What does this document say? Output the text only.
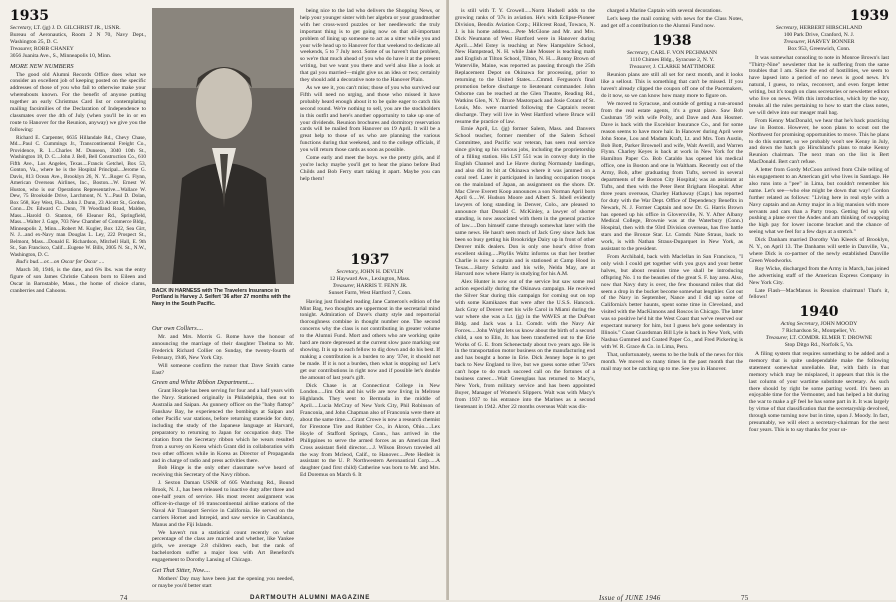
1935

Secretary, LT. (jg) J. D. GILCHRIST JR., USNR.

Bureau of Aeronautics, Room 2 N 70, Navy Dept., Washington 25, D. C.

Treasurer, ROBB CHANEY

3056 Juanita Ave., S., Minneapolis 10, Minn.

MORE NEW NUMBERS

The good old Alumni Records Office does what we consider an excellent job of keeping posted on the specific addresses of those of you who fail to otherwise make your whereabouts known. For the benefit of anyone putting together an early Christmas Card list or contemplating mailing facsimilies of the Declaration of Independence to classmates over the 4th of July (when you'll be in or en route to Hanover for the Reunion, anyway) we give you the following:

Richard E. Carpenter, 6635 Hillandale Rd., Chevy Chase, Md....Paul C. Cummings Jr., Transcontinental Freight Co., Providence, R. I....Charles M. Dunseon, 3040 10th St., Washington 18, D. C....John J. Bell, Bell Construction Co., 610 Fifth Ave., Los Angeles, Texas....Francis Getchel, Box 53, Gonton, Va., where he is the Hospital Principal....Jerome G. Davis, 813 Ocean Ave., Brooklyn 26, N. Y....Roger G. Flynn, American Overseas Airlines, Inc., Boston....W. Ernest W. Huston, who is our Operations Representative....Wallace W. Dew, 75 Brookside Drive, Larchmont, N. Y....Paul D. Dolan, Box 568, Key West, Fla....John J. Dunn, 23 Alcott St., Gordon, Conn....Dr. Edward C. Dunn, 78 Woodland Road, Malden, Mass....Harold O. Stanton, 66 Eleanor Rd., Springfield, Mass....Walter J. Gage, 703 New Chamber of Commerce Bldg., Minneapolis 2, Minn....Robert M. Kugler, Box 122, Sea Girt, N. J....and ex-Navy man Douglas L. Ley, 222 Prospect St., Belmont, Mass....Donald E. Richardson, Mitchell Hall, E. 9th St., San Francisco, Calif....Eugene W. Bills, 2005 N. St., N.W., Washington, D. C.

Bud's bud....or....on Oscar for Oscar ....

March 30, 1946, is the date, and 6¾ lbs. was the entry figure of son James Christie Cahoon born to Eileen and Oscar in Barnstable, Mass., the home of choice clams, cranberries and Cahoons.	BACK IN HARNESS with The Travelers Insurance in Portland is Harvey J. Seifert '36 after 27 months with the Navy in the South Pacific.
Our own Colliers....

Mr. and Mrs. Morris G. Rome have the honour of announcing the marriage of their daughter Thelma to Mr. Frederick Richard Collier on Sunday, the twenty-fourth of February, 1946, New York City.

Will someone confirm the rumor that Dave Smith came East?

Green and White Ribbon Department....

Grant Hoople has been serving for four and a half years with the Navy. Stationed originally in Philadelphia, then out to Australia and Saipan. As gunnery officer on the "baby flattop" Fanshaw Bay, he experienced the bombings at Saipan and other Pacific war stations, before returning stateside for duty, including the study of the Japanese language at Harvard, preparatory to returning to Japan for occupation duty. The citation from the Secretary ribbon which he wears resulted from a survey on Korea which Grant did in collaboration with two other officers while in Korea as Director of Propaganda and in charge of radio and press activities there.

Bob Hinge is the only other classmate we've heard of receiving this Secretary of the Navy ribbon.

J. Sexton Daman USNR of 605 Watchung Rd., Bound Brook, N. J., has been released to inactive duty after three and one-half years of service. His most recent assignment was officer-in-charge of 16 transcontinental airline stations of the Naval Air Transport Service in California. He served on the carriers Hornet and Intrepid, and saw service in Casablanca, Manus and the Fiji Islands.

We haven't run a statistical count recently on what percentage of the class are married and whether, like Yankee girls, we average 2.8 children each, but the rank of bachelordom suffer a major loss with Art Beneford's engagement to Dorothy Lansing of Chicago.

Get That Sitter, Now....

Mothers' Day may have been just the opening you needed, or maybe you'd better start

being nice to the lad who delivers the Shopping News, or help your younger sister with her algebra or your grandmother with her cross-word puzzles or her needlework: the truly important thing is to get going now on that all-important problem of lining up someone to act as a sitter while you and your wife head up to Hanover for that weekend to dedicate all weekends, 5 to 7 July next. Some of us haven't that problem, so we're that much ahead of you who do have it at the present writing, but we want you there and we'd also like a look at that gal you married—might give us an idea or two; certainly they should add a decorative note to the Hanover Plain.

As we see it, you can't miss; those of you who survived our Fifth will need no urging, and those who missed it have probably heard enough about it to be quite eager to catch this second round. We're nothing to sell, you are the stockholders in this outfit and here's another opportunity to take up one of your dividends. Reunion brochures and dormitory reservation cards will be mailed from Hanover on 19 April. It will be a great help to those of us who are planning the various functions during that weekend, and to the college officials, if you will return those cards as soon as possible.

Come early and meet the boys. we the pretty girls, and if you're lucky maybe you'll get to hear the piano before Bud Childs and Bob Ferry start taking it apart. Maybe you can help them!

1937

Secretary, JOHN H. DEVLIN

12 Hayward Ave., Lexington, Mass.

Treasurer, HARRIS T. FENN JR.

Sunset Farm, West Hartford 7, Conn.

Having just finished reading Jane Cameron's edition of the Mint Bag, two thoughts are uppermost in the secretarial mind tonight. Admiration of Dave's chatty style and reportorial thoroughness combine in thought number one. The second concerns why the class is not contributing in greater volume to the Alumni Fund. Mort and others who are working quite hard are more depressed at the current slow pace marking our showing. It is up to each fellow to dig down and do his best. If making a contribution is a burden to any '37er, it should not be made. If it is not a burden, then what is stopping us! Let's get our contributions in right now and if possible let's double the amount of last year's gift.

Dick Chase is at Connecticut College in New London.....Jim Otis and his wife are now living in Melrose Highlands. They went to Bermuda in the middle of April.....Lucia McCray of New York City, Phil Robinson of Franconia, and John Chapman also of Franconia were there at about the same time.....Grant Crowe is now a research chemist for Firestone Tire and Rubber Co., in Akron, Ohio.....Lex Hoyle of Stafford Springs, Conn., has arrived in the Philippines to serve the armed forces as an American Red Cross assistant field director.....J. Wilson Brown traveled all the way from Mcleod, Calif., to Hanover.....Pete Hedleit is assistant to the U. P. Northwestern Aeronautical Corp.....A daughter (and first child) Catherine was born to Mr. and Mrs. Ed Doremus on March 6. It

74	DARTMOUTH ALUMNI MAGAZINE

is still with T. Y. Crowell.....Norm Hudsell adds to the growing ranks of '37s in aviation. He's with Eclipse-Pioneer Division, Bendix Aviation Corp.; Hillcrest Road, Towaco, N. J. is his home address.....Pete McGlone and Mr. and Mrs. Dick Neumann of West Hartford were in Hanover during April.....Mel Estey is teaching at New Hampshire School, New Hampstead, N. H. while Jake Mosser is teaching math and English at Tilton School, Tilton, N. H.....Ronny Brown of Waterville, Maine, was reported as passing through the 25th Replacement Depot on Okinawa for processing, prior to returning to the United States.....Cmmd. Ferguson's final promotion before discharge to lieutenant commander. John Osborne can be reached at the Glen Theatre, Reading Rd., Watkins Glen, N. Y. Bruce Mastorpack and Josie Cotant of St. Louis, Mo. were married following the Captain's recent discharge. They will live in West Hartford where Bruce will resume the practice of law.

Ernie April, Lt. (jg) former Salem, Mass. and Danvers School teacher, former member of the Salem School Committee, and Pacific war veteran, has seen real service since giving up his various jobs, including the proprietorship of a filling station. His LST 551 was in convoy duty in the English Channel and Le Havre during Normandy landings, and also did its bit at Okinawa where it was jammed on a coral reef. Later it participated in landing occupation troops on the mainland of Japan, an assignment on the shore. Dr. Mac Cleve Everett Koop announces a son Norman April born April 6.....W. Hudson Moore and Albert S. Isbell evidently lawyers of long standing in Denver, Colo., are pleased to announce that Donald C. McKinley, a lawyer of shorter standing, is now associated with them in the general practice of law.....Don himself came through somewhat later with the same news. He hasn't seen much of Jack Grey since Jack has been so busy getting his Brookridge Dairy up in front of other Denver milk dealers. Don is only one hour's drive from excellent skiing.....Phyllis Waltz informs us that her brother Charlie is now a captain and is stationed at Camp Hood in Texas.....Harry Schultz and his wife, Nelda May, are at Harvard now where Harry is studying for his A.M.

Alex Hunter is now out of the service but saw some real action especially during the Okinawa campaign. He received the Silver Star during this campaign for coming out on top with some Kamikazes that were after the U.S.S. Hancock. Jack Gray of Denver met his wife Carol in Miami during the war where she was a Lt. (jg) in the WAVES at the DuPont Bldg. and Jack was a Lt. Comdr. with the Navy Air Forces.....John Wright lets us know about the birth of a second child, a son to Elin, Jr. has been transferred out to the Erie Works of G. E. from Schenectady about two years ago. He is in the transportation motor business on the manufacturing end and has bought a home in Erie. Dick Jenney hope is to get back to New England to live, but we guess some other '37ers can't hope to do much succeed call on the fortunes of a business career.....Walt Greenglass has returned to Macy's, New York, from military service and has been appointed Buyer, Manager of Women's Slippers. Walt was with Macy's from 1937 to his entrance into the Marines as a second lieutenant in 1942. After 22 months overseas Walt was dis-

charged a Marine Captain with several decorations.

Let's keep the mail coming with news for the Class Notes, and get off a contribution to the Alumni Fund now.

1938

Secretary, CARL F. VON PECHMANN

1110 Chimes Bldg., Syracuse 2, N. Y.

Treasurer, J. CLARKE MATTIMORE

Reunion plans are still all set for next month, and it looks like a sellout. This is something that can't be missed. If you haven't already clipped the coupon off one of the Pacemakers, do it now, so we can know how many more to figure on.

We moved to Syracuse, and outside of getting a run-around from the real estate agents, it's a great place. Saw Bob Cushman '39 with wife Polly, and Dave and Ann Hosmer. Dave is back with the Excelsior Insurance Co., and for some reason seems to have more hair. In Hanover during April were John Stone, Lou and Madam Kraft, Lt. and Mrs. Tom Austin, Bob Bott, Parker Brownell and wife, Walt Averill, and Warren Flynn. Charley Keyes is back at work in New York for the Hamilton Paper Co. Bob Cataldo has opened his medical office, one in Boston and one in Waltham. Recently out of the Army, Bob, after graduating from Tufts, served in several departments of the Boston City Hospital; was an assistant at Tufts, and then with the Peter Bent Brigham Hospital. After three years overseas, Charley Hathaway (Capt.) has reported for duty with the War Dept. Office of Dependency Benefits in Newark, N. J. Former Captain and now Dr. G. Harris Brown has opened up his office in Gloversville, N. Y. After Albany Medical College, Brownie was at the Waterbury (Conn.) Hospital, then with the 93rd Division overseas, has five battle stars and the Bronze Star. Lt. Comdr. Nate Straus, back to work, is with Nathan Straus-Duparquet in New York, as assistant to the president.

From Archibald, back with Maclellan in San Francisco, "I only wish I could get together with you guys and your better halves, but about reunion time we shall be introducing offspring No. 1 to the beauties of the great S. F. bay area. Also, now that Navy duty is over, the few thousand miles that did seem a drop in the bucket become somewhat lengthier. Got out of the Navy in September, Nance and I did up some of California's better haunts, spent some time in Cleveland, and visited with the MacKinnons and Roscos in Chicago. The latter was so positive he'd hit the West Coast that we've reserved our expectant nursery for him, but I guess he's gone sedentary in Illinois." Coast Guardsman Bill Lyle is back in New York, with Nashua Gummed and Coated Paper Co., and Fred Pickering is with W. R. Grace & Co. in Lima, Peru.

That, unfortunately, seems to be the bulk of the news for this month. We moved so many times in the past month that the mail may not be catching up to me. See you in Hanover.

1939

Secretary, HERBERT HIRSCHLAND

100 Park Drive, Cranford, N. J.

Treasurer, HARVEY BONNER

Box 953, Greenwich, Conn.

It was somewhat consoling to note in Monroe Brown's last "Thirty-Nine" newsletter that he is suffering from the same troubles that I am. Since the end of hostilities, we seem to have lapsed into a period of no news is good news. It's natural, I guess, to relax, reconvert, and even forget letter writing, but it's tough on class secretaries or newsletter editors who live on news. With this introduction, which by the way, breaks all the rules pertaining to how to start the class notes, we will delve into our meager mail bag.

From Kenny MacDonald, we hear that he's back practicing law in Boston. However, he soon plans to scout out the Northwest for promising opportunities to move. This he plans to do this summer, so we probably won't see Kenny in July, and down the hatch go Hirschland's plans to make Kenny Reunion chairman. The next man on the list is Bert MacDonald. Bert can't refuse.

A letter from Gordy McCoon arrived from Chile telling of his engagement to an American girl who lives in Santiago. He also runs into a "pee" in Lima, but couldn't remember his name. Let's see—who else might be down that way! Gordon further related as follows: "Living here in real style with a Navy captain and an Army major in a big mansion with more servants and cars than a Party troop. Getting fed up with pushing a plane over the Andes and am thinking of swapping the high pay for lower income bracket and the chance of seeing what we feel for a few days at a stretch."

Dick Danham married Dorothy Van Kleeck of Brooklyn, N. Y., on April 13. The Danhams will settle in Danville, Va., where Dick is co-partner of the newly established Danville Green Woodworks.

Roy Wicke, discharged from the Army in March, has joined the advertising staff of the American Express Company in New York City.

Late Flash—MacManus is Reunion chairman! That's it, fellows!

1940

Acting Secretary, JOHN MOODY

7 Richardson St., Montpelier, Vt.

Treasurer, LT. COMDR. ELMER T. DROWNE

Stop Ditgo Rd., Norfolk 5, Va.

A filing system that requires something to be added and a memory that is quite undependable make the following statement somewhat unreliable. But, with faith in that memory which may be misplaced, it appears that this is the last column of your wartime substitute secretary. As such there should by right be some parting word. It's been an enjoyable time for the Vermonter, and has helped a bit during the war to make a gF feel he has some part in it. It was largely by virtue of that classification that the secretaryship devolved, through some turning now but in time, upon J. Moody. In fact, presumably, we will elect a secretary-chairman for the next four years. This is to say thanks for your ut-

Issue of JUNE 1946	75
